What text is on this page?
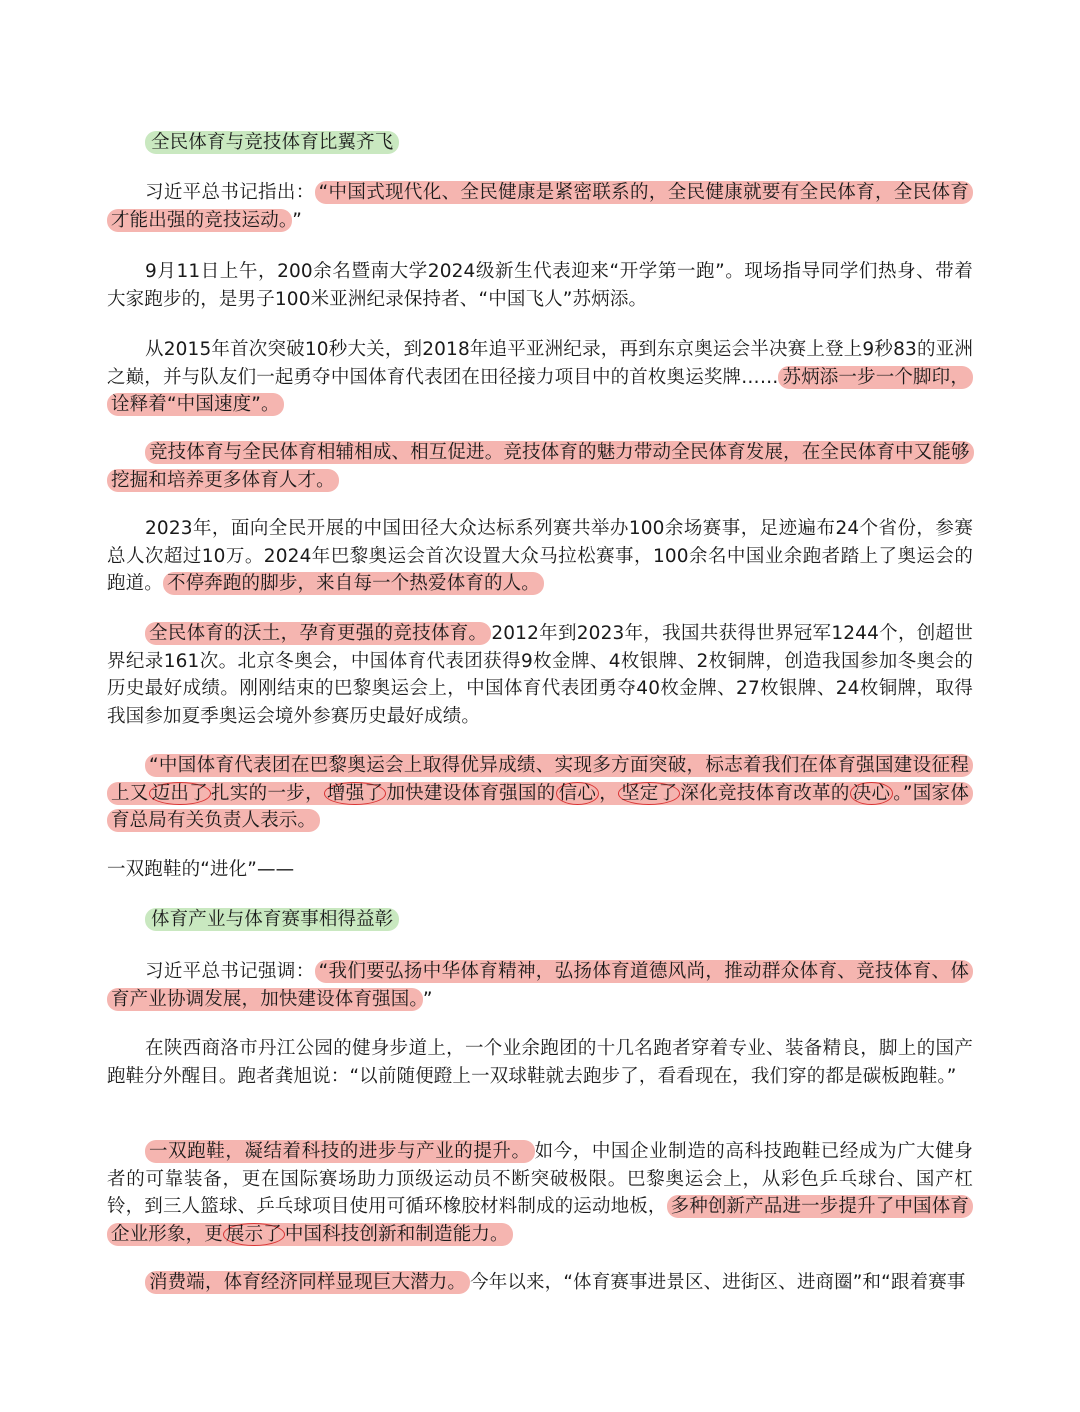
全民体育与竞技体育比翼齐飞
习近平总书记指出： “中国式现代化、全民健康是紧密联系的，全民健康就要有全民体育，全民体育才能出强的竞技运动。 ”
9月11日上午，200余名暨南大学2024级新生代表迎来“开学第一跑”。现场指导同学们热身、带着大家跑步的，是男子100米亚洲纪录保持者、“中国飞人”苏炳添。
从2015年首次突破10秒大关，到2018年追平亚洲纪录，再到东京奥运会半决赛上登上9秒83的亚洲之巅，并与队友们一起勇夺中国体育代表团在田径接力项目中的首枚奥运奖牌…… 苏炳添一步一个脚印，诠释着“中国速度”。
竞技体育与全民体育相辅相成、相互促进。竞技体育的魅力带动全民体育发展，在全民体育中又能够挖掘和培养更多体育人才。
2023年，面向全民开展的中国田径大众达标系列赛共举办100余场赛事，足迹遍布24个省份，参赛总人次超过10万。2024年巴黎奥运会首次设置大众马拉松赛事，100余名中国业余跑者踏上了奥运会的跑道。 不停奔跑的脚步，来自每一个热爱体育的人。
全民体育的沃土，孕育更强的竞技体育。 2012年到2023年，我国共获得世界冠军1244个，创超世界纪录161次。北京冬奥会，中国体育代表团获得9枚金牌、4枚银牌、2枚铜牌，创造我国参加冬奥会的历史最好成绩。刚刚结束的巴黎奥运会上，中国体育代表团勇夺40枚金牌、27枚银牌、24枚铜牌，取得我国参加夏季奥运会境外参赛历史最好成绩。
“中国体育代表团在巴黎奥运会上取得优异成绩、实现多方面突破，标志着我们在体育强国建设征程上又 迈出了 扎实的一步， 增强了 加快建设体育强国的 信心 ， 坚定了 深化竞技体育改革的 决心 。”国家体育总局有关负责人表示。
一双跑鞋的“进化”——
体育产业与体育赛事相得益彰
习近平总书记强调： “我们要弘扬中华体育精神，弘扬体育道德风尚，推动群众体育、竞技体育、体育产业协调发展，加快建设体育强国。 ”
在陕西商洛市丹江公园的健身步道上，一个业余跑团的十几名跑者穿着专业、装备精良，脚上的国产跑鞋分外醒目。跑者龚旭说：“以前随便蹬上一双球鞋就去跑步了，看看现在，我们穿的都是碳板跑鞋。”
一双跑鞋，凝结着科技的进步与产业的提升。 如今，中国企业制造的高科技跑鞋已经成为广大健身者的可靠装备，更在国际赛场助力顶级运动员不断突破极限。巴黎奥运会上，从彩色乒乓球台、国产杠铃，到三人篮球、乒乓球项目使用可循环橡胶材料制成的运动地板， 多种创新产品进一步提升了中国体育企业形象，更 展示了 中国科技创新和制造能力。
消费端，体育经济同样显现巨大潜力。 今年以来，“体育赛事进景区、进街区、进商圈”和“跟着赛事
